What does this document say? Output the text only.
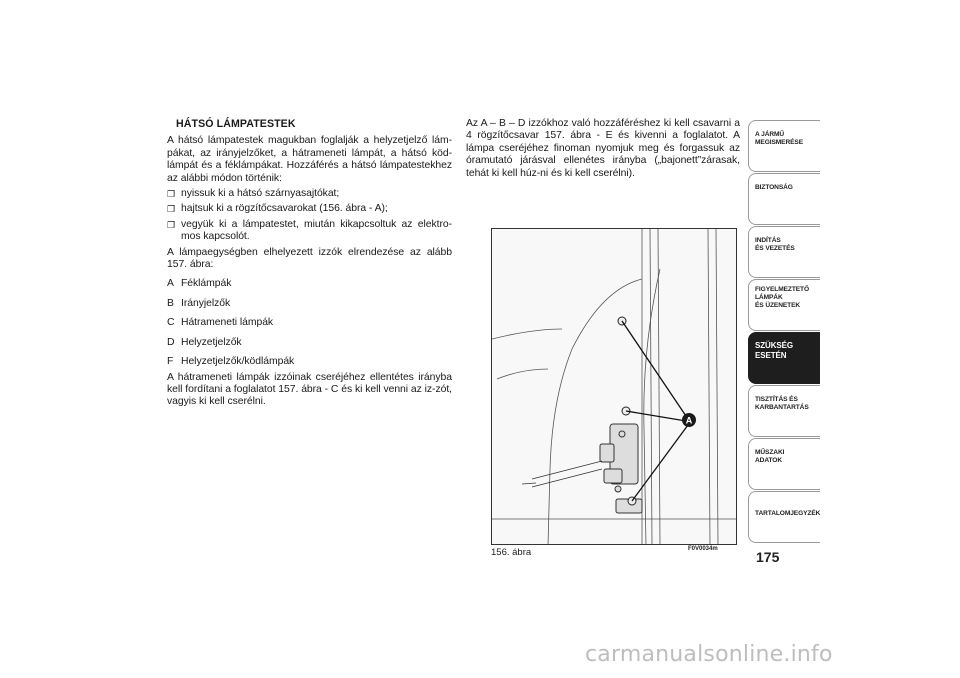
HÁTSÓ LÁMPATESTEK

A hátsó lámpatestek magukban foglalják a helyzetjelző lám-pákat, az irányjelzőket, a hátrameneti lámpát, a hátsó köd-lámpát és a féklámpákat. Hozzáférés a hátsó lámpatestekhez az alábbi módon történik:

❒ nyissuk ki a hátsó szárnyasajtókat;
❒ hajtsuk ki a rögzítőcsavarokat (156. ábra - A);
❒ vegyük ki a lámpatestet, miután kikapcsoltuk az elektro-mos kapcsolót.

A lámpaegységben elhelyezett izzók elrendezése az alább 157. ábra:

A Féklámpák
B Irányjelzők
C Hátrameneti lámpák
D Helyzetjelzők
F Helyzetjelzők/ködlámpák

A hátrameneti lámpák izzóinak cseréjéhez ellentétes irányba kell fordítani a foglalatot 157. ábra - C és ki kell venni az iz-zót, vagyis ki kell cserélni.

Az A – B – D izzókhoz való hozzáféréshez ki kell csavarni a 4 rögzítőcsavar 157. ábra - E és kivenni a foglalatot. A lámpa cseréjéhez finoman nyomjuk meg és forgassuk az óramutató járásval ellenétes irányba („bajonett”zárasak, tehát ki kell húz-ni és ki kell cserélni).

A
156. ábra	F0V0034m
A JÁRMŰ
MEGISMERÉSE
BIZTONSÁG
INDÍTÁS
ÉS VEZETÉS
FIGYELMEZTETŐ
LÁMPÁK
ÉS ÜZENETEK
SZÜKSÉG
ESETÉN
TISZTÍTÁS ÉS
KARBANTARTÁS
MŰSZAKI
ADATOK
TARTALOMJEGYZÉK
175
carmanualsonline.info
